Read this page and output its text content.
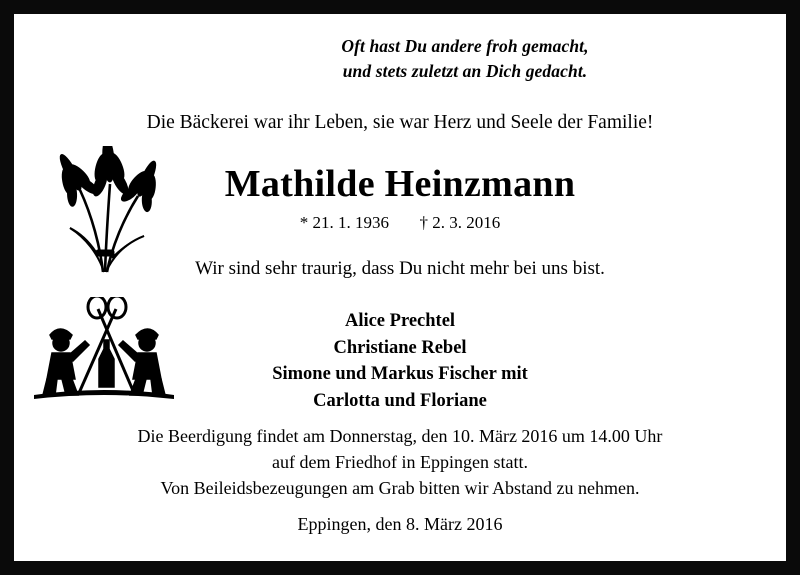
Oft hast Du andere froh gemacht,
und stets zuletzt an Dich gedacht.
Die Bäckerei war ihr Leben, sie war Herz und Seele der Familie!
Mathilde Heinzmann
* 21. 1. 1936 † 2. 3. 2016
Wir sind sehr traurig, dass Du nicht mehr bei uns bist.
Alice Prechtel
Christiane Rebel
Simone und Markus Fischer mit
Carlotta und Floriane
Die Beerdigung findet am Donnerstag, den 10. März 2016 um 14.00 Uhr
auf dem Friedhof in Eppingen statt.
Von Beileidsbezeugungen am Grab bitten wir Abstand zu nehmen.
Eppingen, den 8. März 2016
